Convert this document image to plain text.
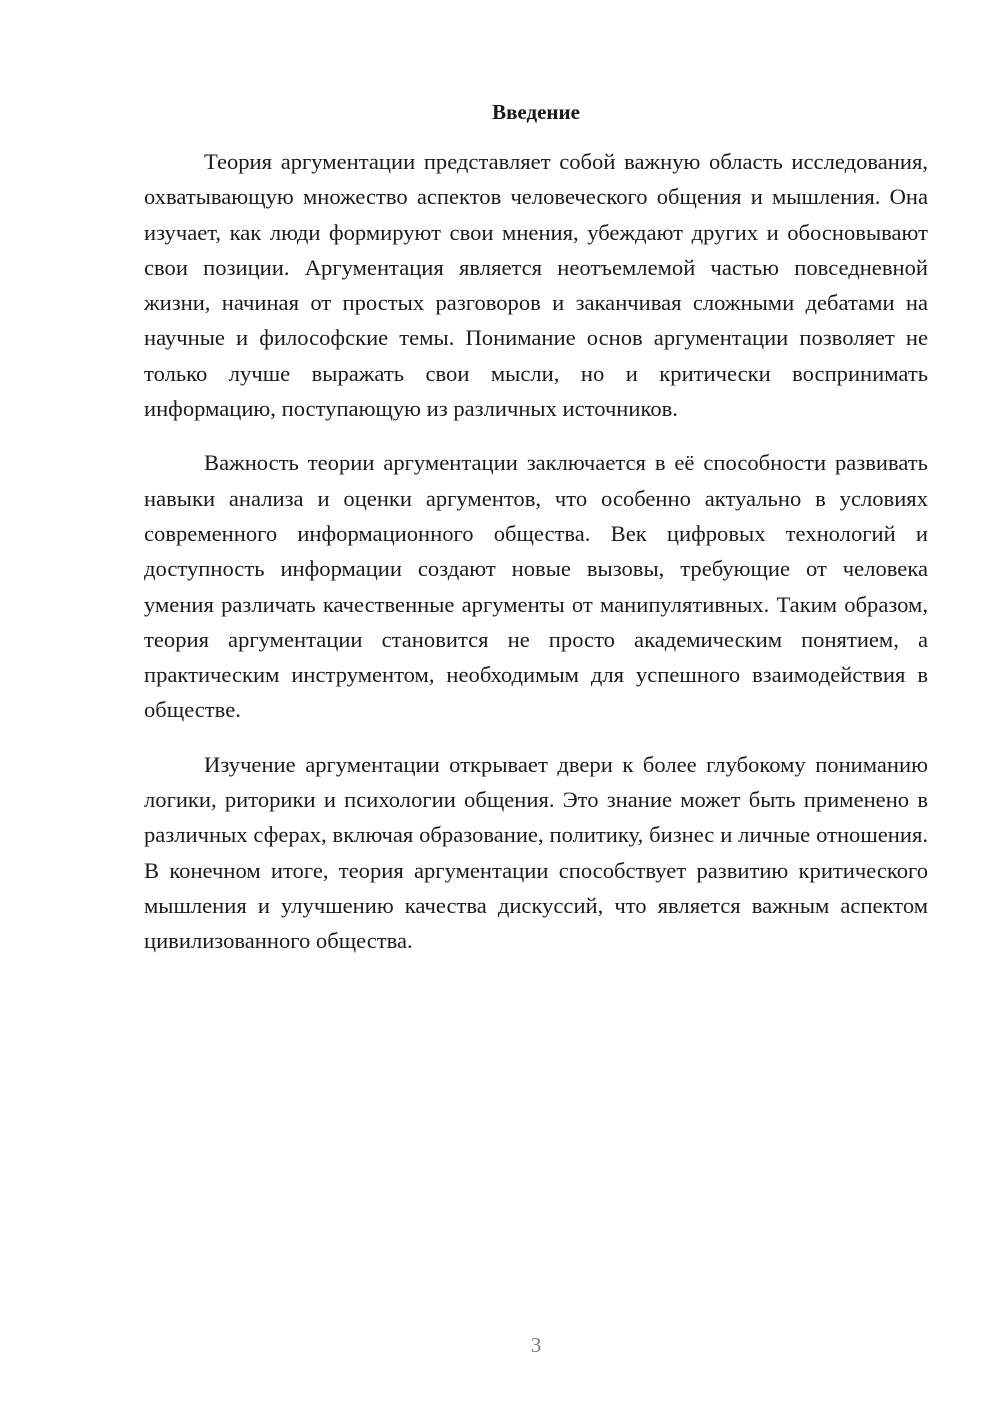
Введение

Теория аргументации представляет собой важную область исследования, охватывающую множество аспектов человеческого общения и мышления. Она изучает, как люди формируют свои мнения, убеждают других и обосновывают свои позиции. Аргументация является неотъемлемой частью повседневной жизни, начиная от простых разговоров и заканчивая сложными дебатами на научные и философские темы. Понимание основ аргументации позволяет не только лучше выражать свои мысли, но и критически воспринимать информацию, поступающую из различных источников.

Важность теории аргументации заключается в её способности развивать навыки анализа и оценки аргументов, что особенно актуально в условиях современного информационного общества. Век цифровых технологий и доступность информации создают новые вызовы, требующие от человека умения различать качественные аргументы от манипулятивных. Таким образом, теория аргументации становится не просто академическим понятием, а практическим инструментом, необходимым для успешного взаимодействия в обществе.

Изучение аргументации открывает двери к более глубокому пониманию логики, риторики и психологии общения. Это знание может быть применено в различных сферах, включая образование, политику, бизнес и личные отношения. В конечном итоге, теория аргументации способствует развитию критического мышления и улучшению качества дискуссий, что является важным аспектом цивилизованного общества.

3
